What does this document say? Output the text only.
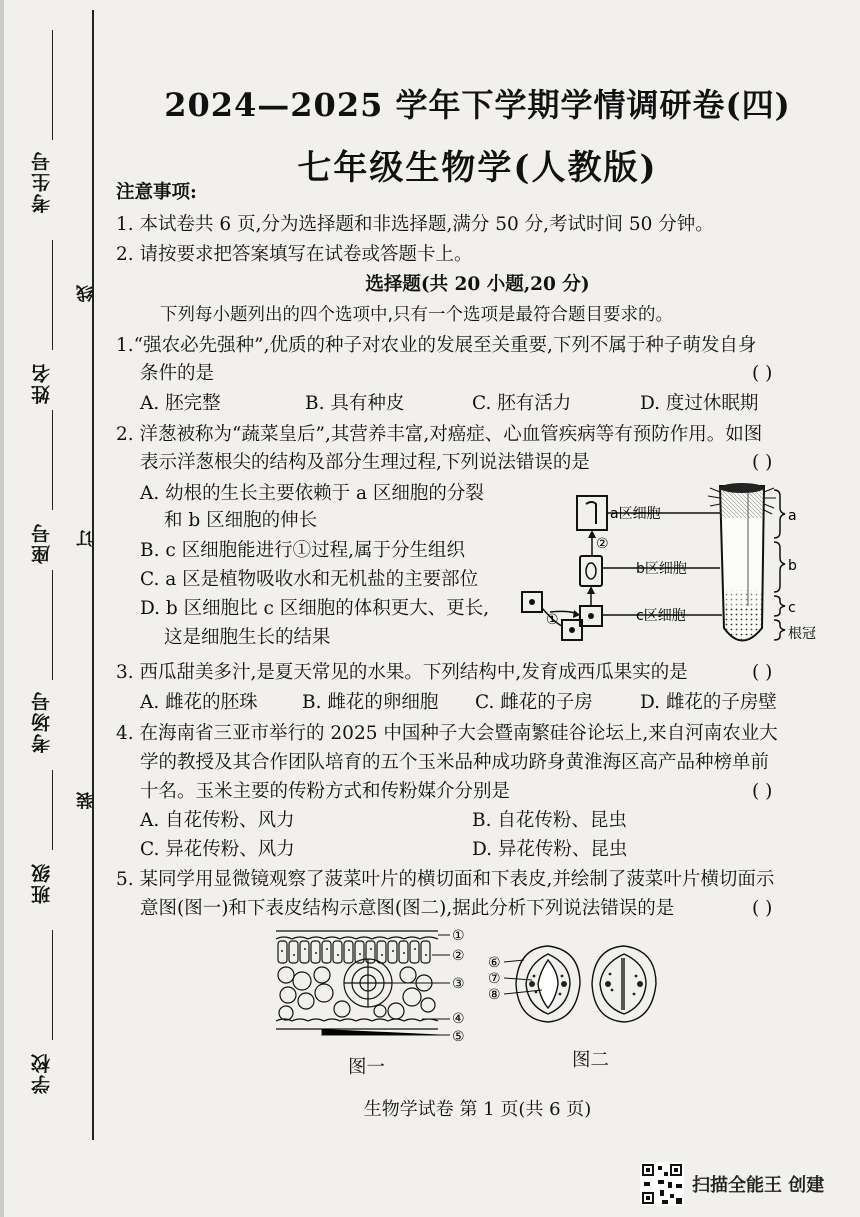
考生号
姓名
座号
考场号
班级
学校
线
订
装
2024—2025 学年下学期学情调研卷(四)
七年级生物学(人教版)
注意事项:
1. 本试卷共 6 页,分为选择题和非选择题,满分 50 分,考试时间 50 分钟。
2. 请按要求把答案填写在试卷或答题卡上。
选择题(共 20 小题,20 分)
下列每小题列出的四个选项中,只有一个选项是最符合题目要求的。
1.“强农必先强种”,优质的种子对农业的发展至关重要,下列不属于种子萌发自身
条件的是	( )
A. 胚完整	B. 具有种皮	C. 胚有活力	D. 度过休眠期
2. 洋葱被称为“蔬菜皇后”,其营养丰富,对癌症、心血管疾病等有预防作用。如图
表示洋葱根尖的结构及部分生理过程,下列说法错误的是	( )
A. 幼根的生长主要依赖于 a 区细胞的分裂
和 b 区细胞的伸长
B. c 区细胞能进行①过程,属于分生组织
C. a 区是植物吸收水和无机盐的主要部位
D. b 区细胞比 c 区细胞的体积更大、更长,
这是细胞生长的结果
a区细胞
②
b区细胞
①	c区细胞
a
b
c
根冠
3. 西瓜甜美多汁,是夏天常见的水果。下列结构中,发育成西瓜果实的是	( )
A. 雌花的胚珠 B. 雌花的卵细胞 C. 雌花的子房	D. 雌花的子房壁
4. 在海南省三亚市举行的 2025 中国种子大会暨南繁硅谷论坛上,来自河南农业大
学的教授及其合作团队培育的五个玉米品种成功跻身黄淮海区高产品种榜单前
十名。玉米主要的传粉方式和传粉媒介分别是	( )
A. 自花传粉、风力	B. 自花传粉、昆虫
C. 异花传粉、风力	D. 异花传粉、昆虫
5. 某同学用显微镜观察了菠菜叶片的横切面和下表皮,并绘制了菠菜叶片横切面示
意图(图一)和下表皮结构示意图(图二),据此分析下列说法错误的是	( )
①
②
③
④
⑤
⑥
⑦
⑧
图一	图二
生物学试卷 第 1 页(共 6 页)
扫描全能王 创建
